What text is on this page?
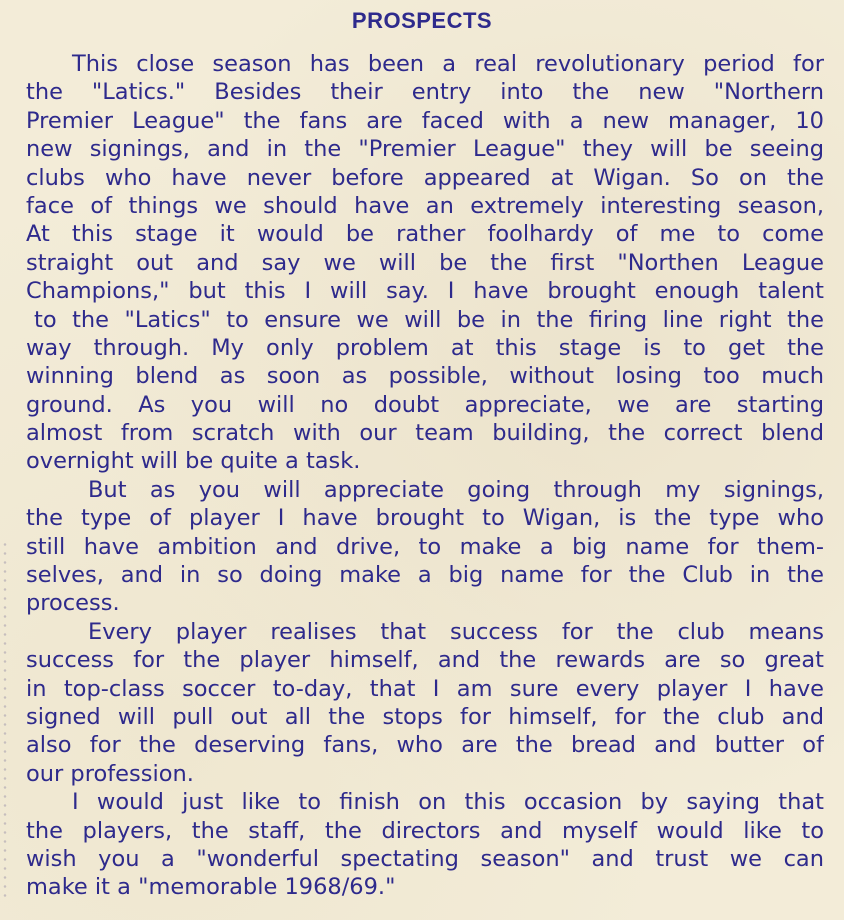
PROSPECTS
This close season has been a real revolutionary period for
the "Latics." Besides their entry into the new "Northern
Premier League" the fans are faced with a new manager, 10
new signings, and in the "Premier League" they will be seeing
clubs who have never before appeared at Wigan. So on the
face of things we should have an extremely interesting season,
At this stage it would be rather foolhardy of me to come
straight out and say we will be the first "Northen League
Champions," but this I will say. I have brought enough talent
to the "Latics" to ensure we will be in the firing line right the
way through. My only problem at this stage is to get the
winning blend as soon as possible, without losing too much
ground. As you will no doubt appreciate, we are starting
almost from scratch with our team building, the correct blend
overnight will be quite a task.
But as you will appreciate going through my signings,
the type of player I have brought to Wigan, is the type who
still have ambition and drive, to make a big name for them-
selves, and in so doing make a big name for the Club in the
process.
Every player realises that success for the club means
success for the player himself, and the rewards are so great
in top-class soccer to-day, that I am sure every player I have
signed will pull out all the stops for himself, for the club and
also for the deserving fans, who are the bread and butter of
our profession.
I would just like to finish on this occasion by saying that
the players, the staff, the directors and myself would like to
wish you a "wonderful spectating season" and trust we can
make it a "memorable 1968/69."
